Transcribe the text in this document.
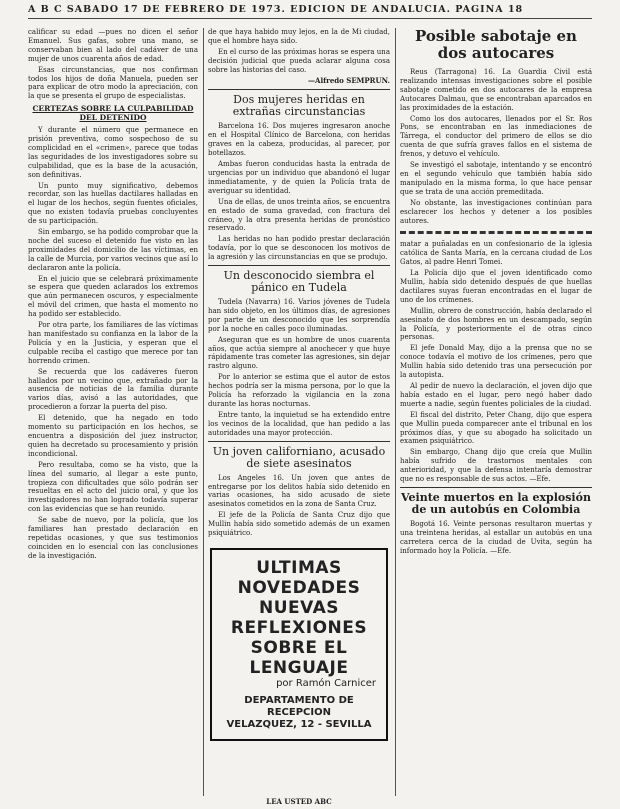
A B C SABADO 17 DE FEBRERO DE 1973. EDICION DE ANDALUCIA. PAGINA 18

calificar su edad —pues no dicen el señor Emanuel. Sus gafas, sobre una mano, se conservaban bien al lado del cadáver de una mujer de unos cuarenta años de edad.

Esas circunstancias, que nos confirman todos los hijos de doña Manuela, pueden ser para explicar de otro modo la apreciación, con la que se presenta el grupo de especialistas.

CERTEZAS SOBRE LA CULPABILIDAD DEL DETENIDO

Y durante el número que permanece en prisión preventiva, como sospechoso de su complicidad en el «crimen», parece que todas las seguridades de los investigadores sobre su culpabilidad, que es la base de la acusación, son definitivas.

Un punto muy significativo, debemos recordar, son las huellas dactilares halladas en el lugar de los hechos, según fuentes oficiales, que no existen todavía pruebas concluyentes de su participación.

Sin embargo, se ha podido comprobar que la noche del suceso el detenido fue visto en las proximidades del domicilio de las víctimas, en la calle de Murcia, por varios vecinos que así lo declararon ante la policía.

En el juicio que se celebrará próximamente se espera que queden aclarados los extremos que aún permanecen oscuros, y especialmente el móvil del crimen, que hasta el momento no ha podido ser establecido.

Por otra parte, los familiares de las víctimas han manifestado su confianza en la labor de la Policía y en la Justicia, y esperan que el culpable reciba el castigo que merece por tan horrendo crimen.

Se recuerda que los cadáveres fueron hallados por un vecino que, extrañado por la ausencia de noticias de la familia durante varios días, avisó a las autoridades, que procedieron a forzar la puerta del piso.

El detenido, que ha negado en todo momento su participación en los hechos, se encuentra a disposición del juez instructor, quien ha decretado su procesamiento y prisión incondicional.

Pero resultaba, como se ha visto, que la línea del sumario, al llegar a este punto, tropieza con dificultades que sólo podrán ser resueltas en el acto del juicio oral, y que los investigadores no han logrado todavía superar con las evidencias que se han reunido.

Se sabe de nuevo, por la policía, que los familiares han prestado declaración en repetidas ocasiones, y que sus testimonios coinciden en lo esencial con las conclusiones de la investigación.

de que haya habido muy lejos, en la de Mi ciudad, que el hombre haya sido.

En el curso de las próximas horas se espera una decisión judicial que pueda aclarar alguna cosa sobre las historias del caso.

—Alfredo SEMPRUN.
Dos mujeres heridas en extrañas circunstancias

Barcelona 16. Dos mujeres ingresaron anoche en el Hospital Clínico de Barcelona, con heridas graves en la cabeza, producidas, al parecer, por botellazos.

Ambas fueron conducidas hasta la entrada de urgencias por un individuo que abandonó el lugar inmediatamente, y de quien la Policía trata de averiguar su identidad.

Una de ellas, de unos treinta años, se encuentra en estado de suma gravedad, con fractura del cráneo, y la otra presenta heridas de pronóstico reservado.

Las heridas no han podido prestar declaración todavía, por lo que se desconocen los motivos de la agresión y las circunstancias en que se produjo.

Un desconocido siembra el pánico en Tudela

Tudela (Navarra) 16. Varios jóvenes de Tudela han sido objeto, en los últimos días, de agresiones por parte de un desconocido que les sorprendía por la noche en calles poco iluminadas.

Aseguran que es un hombre de unos cuarenta años, que actúa siempre al anochecer y que huye rápidamente tras cometer las agresiones, sin dejar rastro alguno.

Por lo anterior se estima que el autor de estos hechos podría ser la misma persona, por lo que la Policía ha reforzado la vigilancia en la zona durante las horas nocturnas.

Entre tanto, la inquietud se ha extendido entre los vecinos de la localidad, que han pedido a las autoridades una mayor protección.

Un joven californiano, acusado de siete asesinatos

Los Angeles 16. Un joven que antes de entregarse por los delitos había sido detenido en varias ocasiones, ha sido acusado de siete asesinatos cometidos en la zona de Santa Cruz.

El jefe de la Policía de Santa Cruz dijo que Mullin había sido sometido además de un examen psiquiátrico.

ULTIMAS NOVEDADES
NUEVAS REFLEXIONES
SOBRE EL LENGUAJE
por Ramón Carnicer
DEPARTAMENTO DE RECEPCION
VELAZQUEZ, 12 - SEVILLA
LEA USTED ABC
Posible sabotaje en dos autocares

Reus (Tarragona) 16. La Guardia Civil está realizando intensas investigaciones sobre el posible sabotaje cometido en dos autocares de la empresa Autocares Dalmau, que se encontraban aparcados en las proximidades de la estación.

Como los dos autocares, llenados por el Sr. Ros Pons, se encontraban en las inmediaciones de Tárrega, el conductor del primero de ellos se dio cuenta de que sufría graves fallos en el sistema de frenos, y detuvo el vehículo.

Se investigó el sabotaje, intentando y se encontró en el segundo vehículo que también había sido manipulado en la misma forma, lo que hace pensar que se trata de una acción premeditada.

No obstante, las investigaciones continúan para esclarecer los hechos y detener a los posibles autores.

matar a puñaladas en un confesionario de la iglesia católica de Santa María, en la cercana ciudad de Los Gatos, al padre Henri Tomei.

La Policía dijo que el joven identificado como Mullin, había sido detenido después de que huellas dactilares suyas fueran encontradas en el lugar de uno de los crímenes.

Mullin, obrero de construcción, había declarado el asesinato de dos hombres en un descampado, según la Policía, y posteriormente el de otras cinco personas.

El jefe Donald May, dijo a la prensa que no se conoce todavía el motivo de los crímenes, pero que Mullin había sido detenido tras una persecución por la autopista.

Al pedir de nuevo la declaración, el joven dijo que había estado en el lugar, pero negó haber dado muerte a nadie, según fuentes policiales de la ciudad.

El fiscal del distrito, Peter Chang, dijo que espera que Mullin pueda comparecer ante el tribunal en los próximos días, y que su abogado ha solicitado un examen psiquiátrico.

Sin embargo, Chang dijo que creía que Mullin había sufrido de trastornos mentales con anterioridad, y que la defensa intentaría demostrar que no es responsable de sus actos. —Efe.

Veinte muertos en la explosión de un autobús en Colombia

Bogotá 16. Veinte personas resultaron muertas y una treintena heridas, al estallar un autobús en una carretera cerca de la ciudad de Uvita, según ha informado hoy la Policía. —Efe.
